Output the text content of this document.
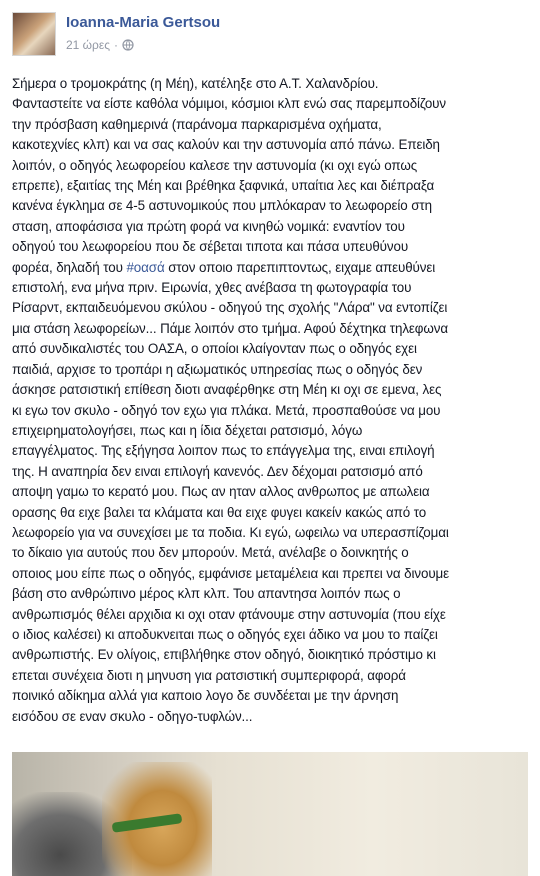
Ioanna-Maria Gertsou
21 ώρες ·
Σήμερα ο τρομοκράτης (η Μέη), κατέληξε στο Α.Τ. Χαλανδρίου.
Φανταστείτε να είστε καθόλα νόμιμοι, κόσμιοι κλπ ενώ σας παρεμποδίζουν
την πρόσβαση καθημερινά (παράνομα παρκαρισμένα οχήματα,
κακοτεχνίες κλπ) και να σας καλούν και την αστυνομία από πάνω. Επειδη
λοιπόν, ο οδηγός λεωφορείου καλεσε την αστυνομία (κι οχι εγώ οπως
επρεπε), εξαιτίας της Μέη και βρέθηκα ξαφνικά, υπαίτια λες και διέπραξα
κανένα έγκλημα σε 4-5 αστυνομικούς που μπλόκαραν το λεωφορείο στη
σταση, αποφάσισα για πρώτη φορά να κινηθώ νομικά: εναντίον του
οδηγού του λεωφορείου που δε σέβεται τιποτα και πάσα υπευθύνου
φορέα, δηλαδή του #οασά στον οποιο παρεπιπτοντως, ειχαμε απευθύνει
επιστολή, ενα μήνα πριν. Ειρωνία, χθες ανέβασα τη φωτογραφία του
Ρίσαρντ, εκπαιδευόμενου σκύλου - οδηγού της σχολής "Λάρα" να εντοπίζει
μια στάση λεωφορείων... Πάμε λοιπόν στο τμήμα. Αφού δέχτηκα τηλεφωνα
από συνδικαλιστές του ΟΑΣΑ, ο οποίοι κλαίγονταν πως ο οδηγός εχει
παιδιά, αρχισε το τροπάρι η αξιωματικός υπηρεσίας πως ο οδηγός δεν
άσκησε ρατσιστική επίθεση διοτι αναφέρθηκε στη Μέη κι οχι σε εμενα, λες
κι εγω τον σκυλο - οδηγό τον εχω για πλάκα. Μετά, προσπαθούσε να μου
επιχειρηματολογήσει, πως και η ίδια δέχεται ρατσισμό, λόγω
επαγγέλματος. Της εξήγησα λοιπον πως το επάγγελμα της, ειναι επιλογή
της. Η αναπηρία δεν ειναι επιλογή κανενός. Δεν δέχομαι ρατσισμό από
αποψη γαμω το κερατό μου. Πως αν ηταν αλλος ανθρωπος με απωλεια
ορασης θα ειχε βαλει τα κλάματα και θα ειχε φυγει κακείν κακώς από το
λεωφορείο για να συνεχίσει με τα ποδια. Κι εγώ, ωφειλω να υπερασπίζομαι
το δίκαιο για αυτούς που δεν μπορούν. Μετά, ανέλαβε ο δοινκητής ο
οποιος μου είπε πως ο οδηγός, εμφάνισε μεταμέλεια και πρεπει να δινουμε
βάση στο ανθρώπινο μέρος κλπ κλπ. Του απαντησα λοιπόν πως ο
ανθρωπισμός θέλει αρχιδια κι οχι οταν φτάνουμε στην αστυνομία (που είχε
ο ιδιος καλέσει) κι αποδυκνειται πως ο οδηγός εχει άδικο να μου το παίζει
ανθρωπιστής. Εν ολίγοις, επιβλήθηκε στον οδηγό, διοικητικό πρόστιμο κι
επεται συνέχεια διοτι η μηνυση για ρατσιστική συμπεριφορά, αφορά
ποινικό αδίκημα αλλά για καποιο λογο δε συνδέεται με την άρνηση
εισόδου σε εναν σκυλο - οδηγο-τυφλών...
